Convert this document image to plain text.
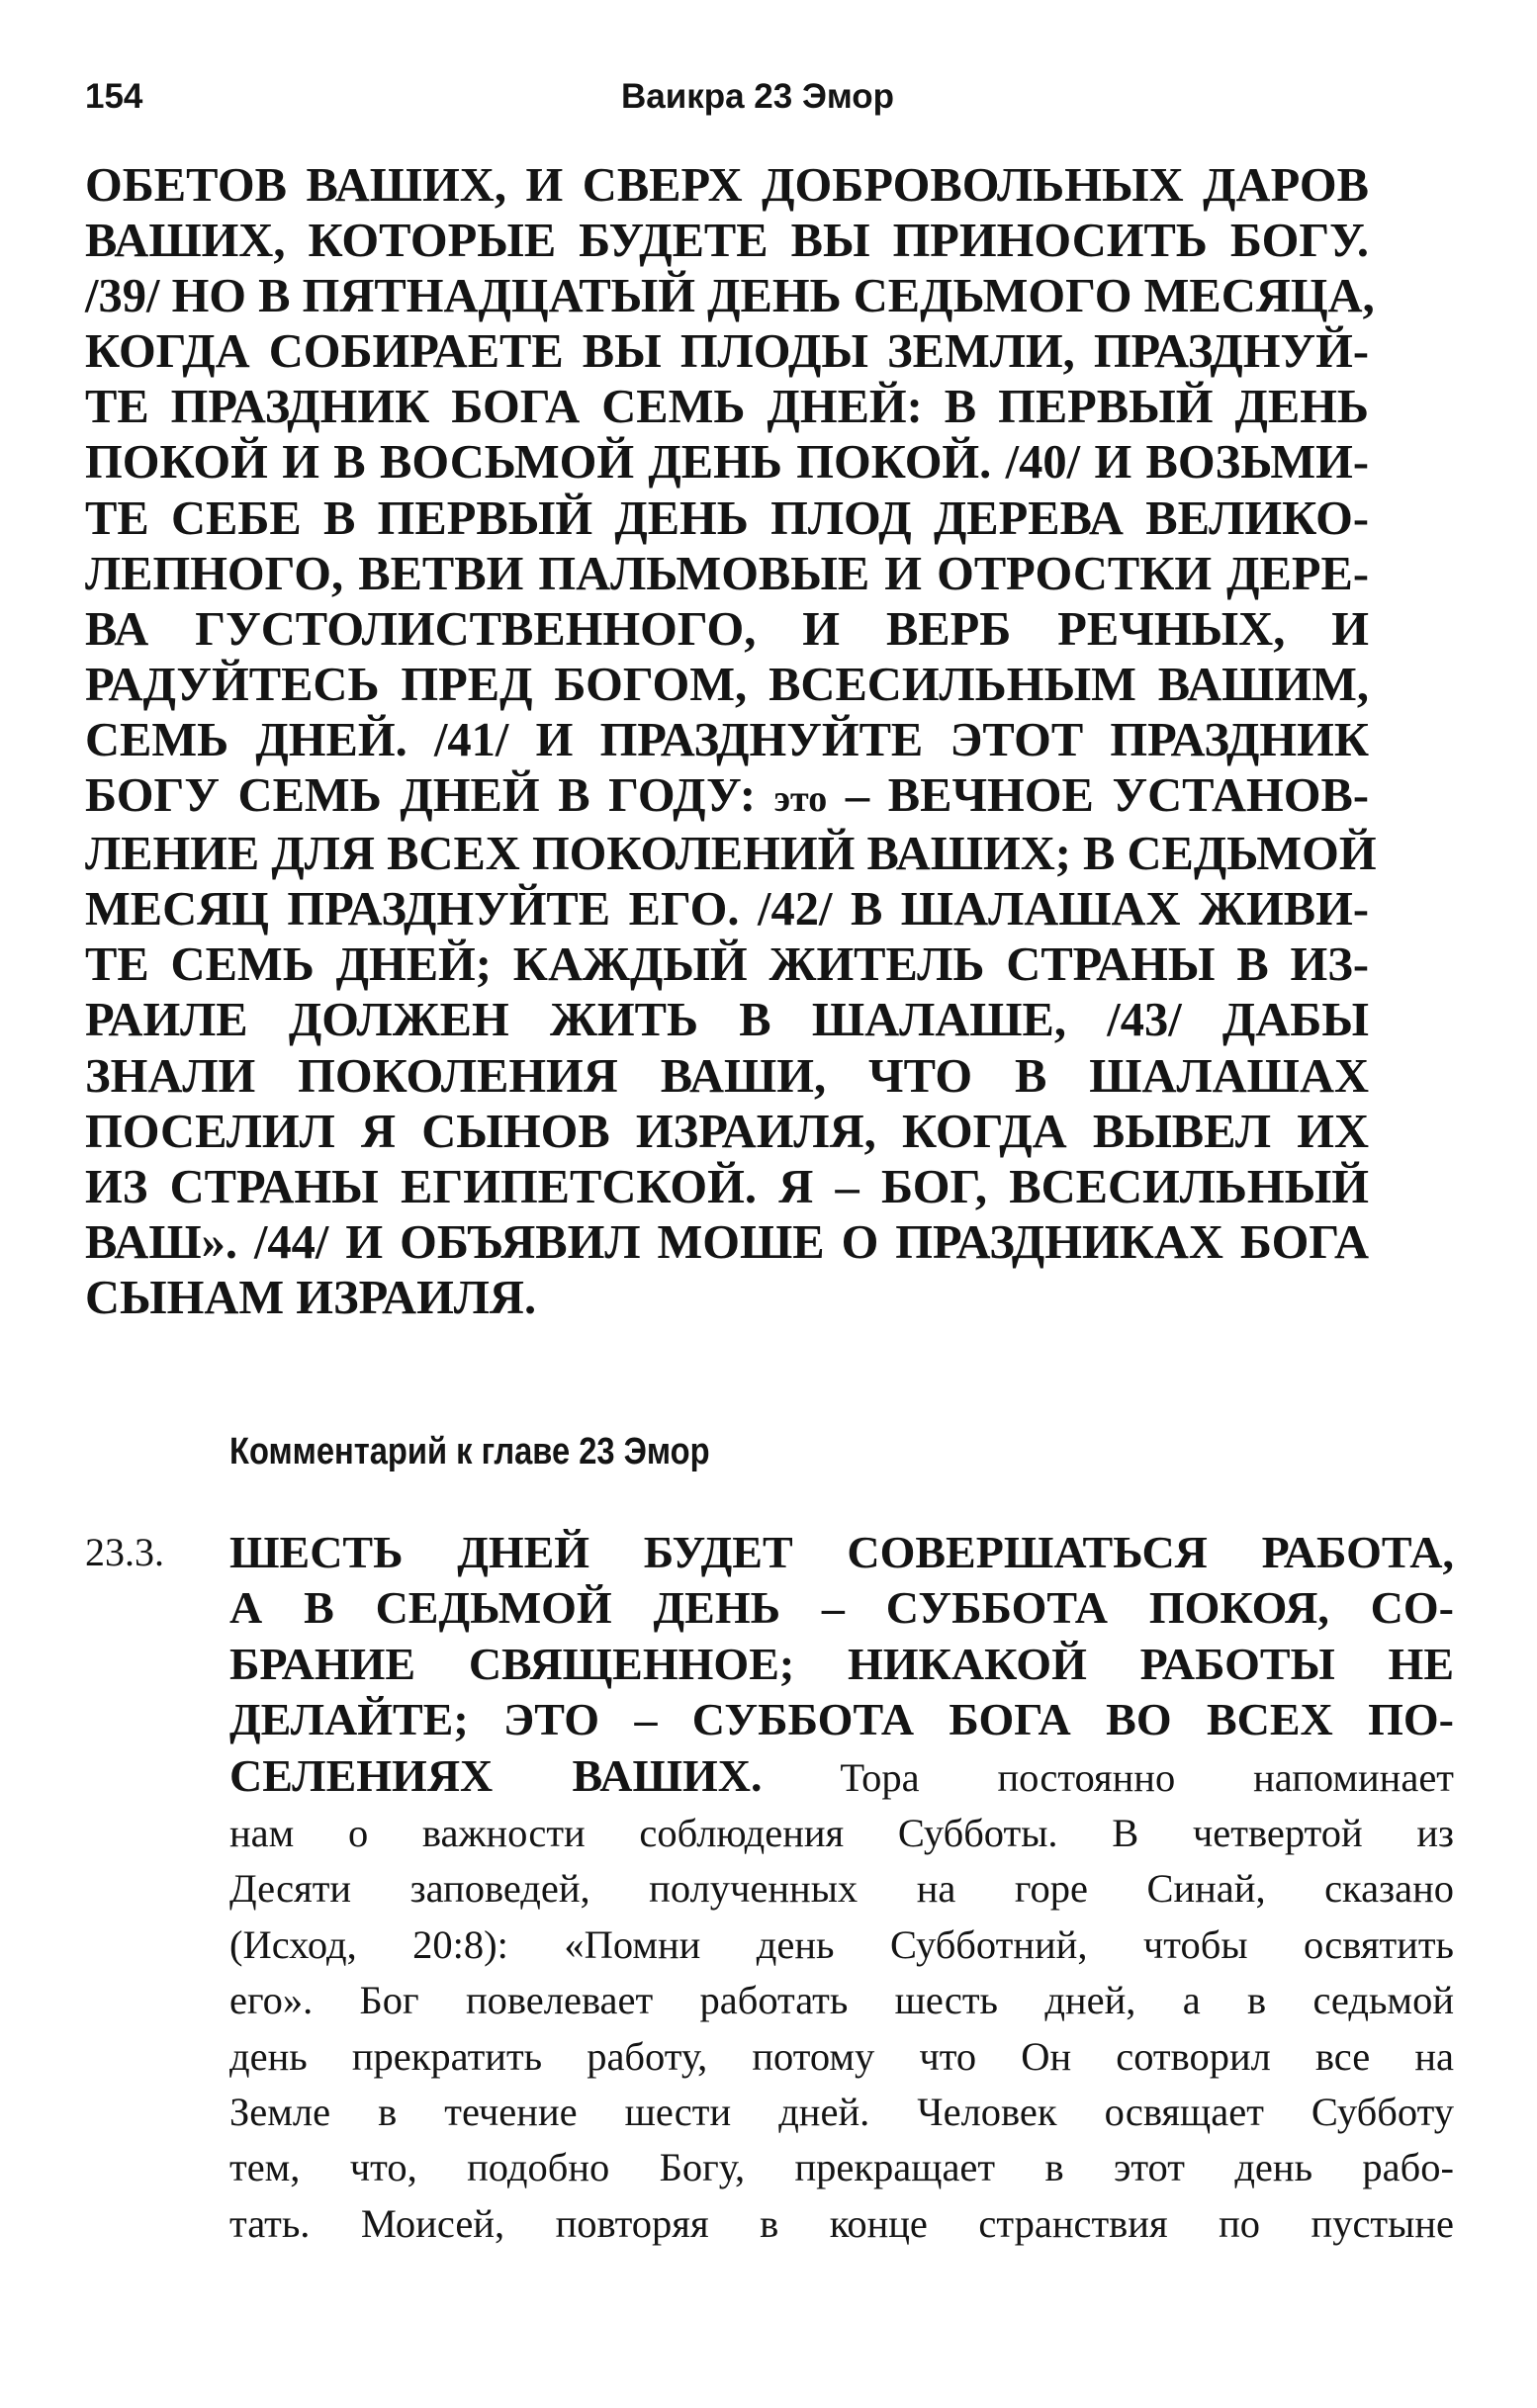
154	Ваикра 23 Эмор
ОБЕТОВ ВАШИХ, И СВЕРХ ДОБРОВОЛЬНЫХ ДАРОВ
ВАШИХ, КОТОРЫЕ БУДЕТЕ ВЫ ПРИНОСИТЬ БОГУ.
/39/ НО В ПЯТНАДЦАТЫЙ ДЕНЬ СЕДЬМОГО МЕСЯЦА,
КОГДА СОБИРАЕТЕ ВЫ ПЛОДЫ ЗЕМЛИ, ПРАЗДНУЙ-
ТЕ ПРАЗДНИК БОГА СЕМЬ ДНЕЙ: В ПЕРВЫЙ ДЕНЬ
ПОКОЙ И В ВОСЬМОЙ ДЕНЬ ПОКОЙ. /40/ И ВОЗЬМИ-
ТЕ СЕБЕ В ПЕРВЫЙ ДЕНЬ ПЛОД ДЕРЕВА ВЕЛИКО-
ЛЕПНОГО, ВЕТВИ ПАЛЬМОВЫЕ И ОТРОСТКИ ДЕРЕ-
ВА ГУСТОЛИСТВЕННОГО, И ВЕРБ РЕЧНЫХ, И
РАДУЙТЕСЬ ПРЕД БОГОМ, ВСЕСИЛЬНЫМ ВАШИМ,
СЕМЬ ДНЕЙ. /41/ И ПРАЗДНУЙТЕ ЭТОТ ПРАЗДНИК
БОГУ СЕМЬ ДНЕЙ В ГОДУ: это – ВЕЧНОЕ УСТАНОВ-
ЛЕНИЕ ДЛЯ ВСЕХ ПОКОЛЕНИЙ ВАШИХ; В СЕДЬМОЙ
МЕСЯЦ ПРАЗДНУЙТЕ ЕГО. /42/ В ШАЛАШАХ ЖИВИ-
ТЕ СЕМЬ ДНЕЙ; КАЖДЫЙ ЖИТЕЛЬ СТРАНЫ В ИЗ-
РАИЛЕ ДОЛЖЕН ЖИТЬ В ШАЛАШЕ, /43/ ДАБЫ
ЗНАЛИ ПОКОЛЕНИЯ ВАШИ, ЧТО В ШАЛАШАХ
ПОСЕЛИЛ Я СЫНОВ ИЗРАИЛЯ, КОГДА ВЫВЕЛ ИХ
ИЗ СТРАНЫ ЕГИПЕТСКОЙ. Я – БОГ, ВСЕСИЛЬНЫЙ
ВАШ». /44/ И ОБЪЯВИЛ МОШЕ О ПРАЗДНИКАХ БОГА
СЫНАМ ИЗРАИЛЯ.
Комментарий к главе 23 Эмор
23.3. ШЕСТЬ ДНЕЙ БУДЕТ СОВЕРШАТЬСЯ РАБОТА,
А В СЕДЬМОЙ ДЕНЬ – СУББОТА ПОКОЯ, СО-
БРАНИЕ СВЯЩЕННОЕ; НИКАКОЙ РАБОТЫ НЕ
ДЕЛАЙТЕ; ЭТО – СУББОТА БОГА ВО ВСЕХ ПО-
СЕЛЕНИЯХ ВАШИХ. Тора постоянно напоминает
нам о важности соблюдения Субботы. В четвертой из
Десяти заповедей, полученных на горе Синай, сказано
(Исход, 20:8): «Помни день Субботний, чтобы освятить
его». Бог повелевает работать шесть дней, а в седьмой
день прекратить работу, потому что Он сотворил все на
Земле в течение шести дней. Человек освящает Субботу
тем, что, подобно Богу, прекращает в этот день рабо-
тать. Моисей, повторяя в конце странствия по пустыне
